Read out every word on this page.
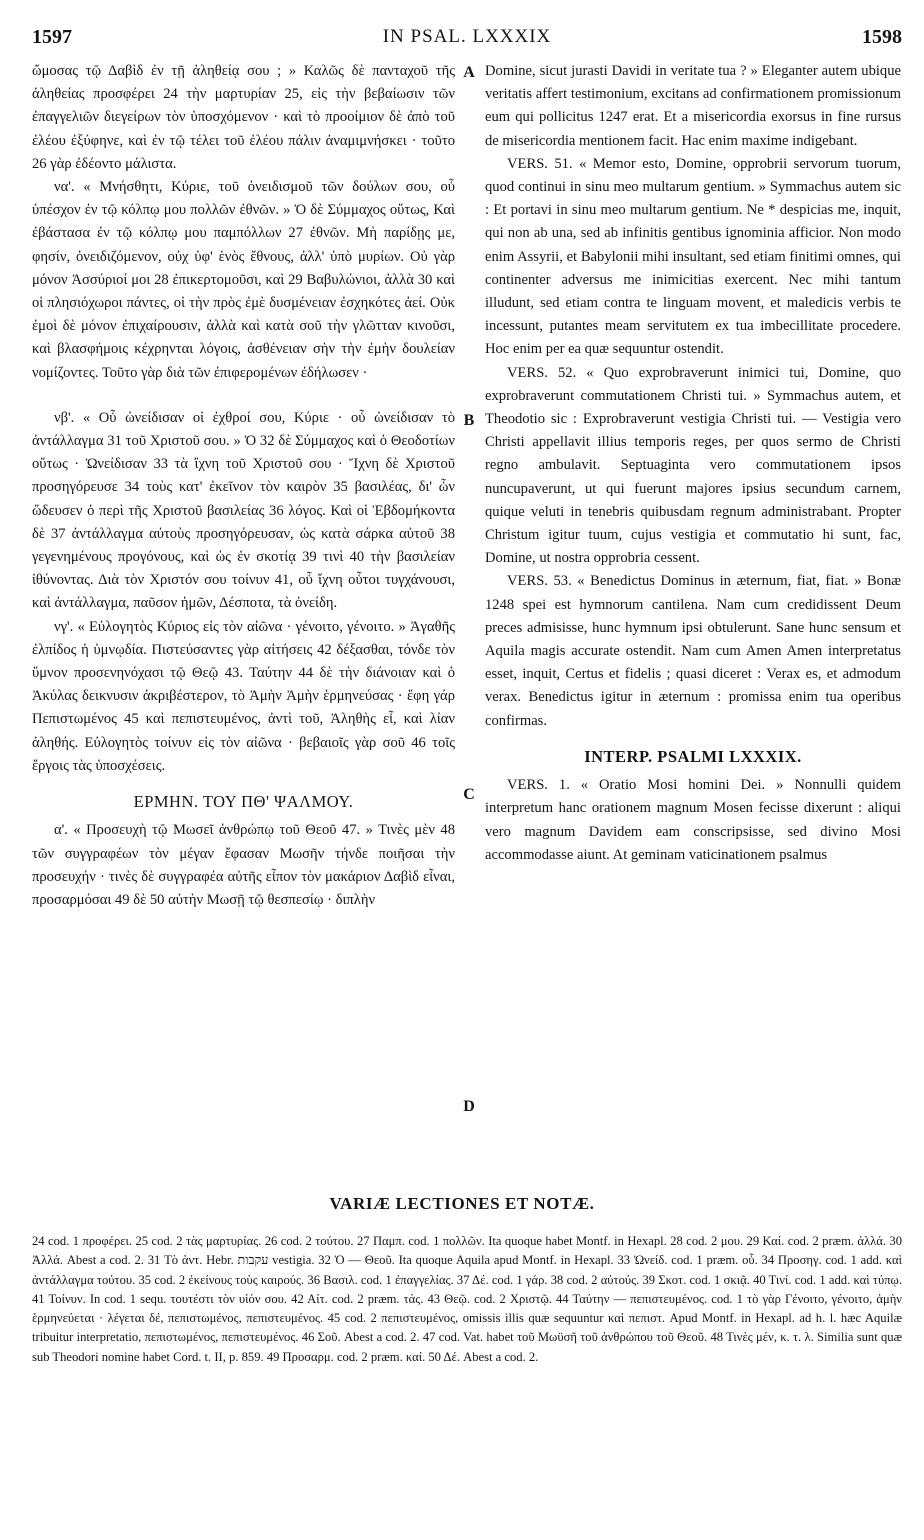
1597	IN PSAL. LXXXIX	1598

ὤμοσας τῷ Δαβὶδ ἐν τῇ ἀληθείᾳ σου ; » Καλῶς δὲ πανταχοῦ τῆς ἀληθείας προσφέρει 24 τὴν μαρτυρίαν 25, εἰς τὴν βεβαίωσιν τῶν ἐπαγγελιῶν διεγείρων τὸν ὑποσχόμενον · καὶ τὸ προοίμιον δὲ ἀπὸ τοῦ ἐλέου ἐξύφηνε, καὶ ἐν τῷ τέλει τοῦ ἐλέου πάλιν ἀναμιμνήσκει · τοῦτο 26 γὰρ ἐδέοντο μάλιστα.

να'. « Μνήσθητι, Κύριε, τοῦ ὀνειδισμοῦ τῶν δούλων σου, οὗ ὑπέσχον ἐν τῷ κόλπῳ μου πολλῶν ἐθνῶν. » Ὁ δὲ Σύμμαχος οὕτως, Καὶ ἐβάστασα ἐν τῷ κόλπῳ μου παμπόλλων 27 ἐθνῶν. Μὴ παρίδῃς με, φησίν, ὀνειδιζόμενον, οὐχ ὑφ' ἑνὸς ἔθνους, ἀλλ' ὑπὸ μυρίων. Οὐ γὰρ μόνον Ἀσσύριοί μοι 28 ἐπικερτομοῦσι, καὶ 29 Βαβυλώνιοι, ἀλλὰ 30 καὶ οἱ πλησιόχωροι πάντες, οἱ τὴν πρὸς ἐμὲ δυσμένειαν ἐσχηκότες ἀεί. Οὐκ ἐμοὶ δὲ μόνον ἐπιχαίρουσιν, ἀλλὰ καὶ κατὰ σοῦ τὴν γλῶτταν κινοῦσι, καὶ βλασφήμοις κέχρηνται λόγοις, ἀσθένειαν σὴν τὴν ἐμὴν δουλείαν νομίζοντες. Τοῦτο γὰρ διὰ τῶν ἐπιφερομένων ἐδήλωσεν ·

νβ'. « Οὗ ὠνείδισαν οἱ ἐχθροί σου, Κύριε · οὗ ὠνείδισαν τὸ ἀντάλλαγμα 31 τοῦ Χριστοῦ σου. » Ὁ 32 δὲ Σύμμαχος καὶ ὁ Θεοδοτίων οὕτως · Ὠνείδισαν 33 τὰ ἴχνη τοῦ Χριστοῦ σου · Ἴχνη δὲ Χριστοῦ προσηγόρευσε 34 τοὺς κατ' ἐκεῖνον τὸν καιρὸν 35 βασιλέας, δι' ὧν ὥδευσεν ὁ περὶ τῆς Χριστοῦ βασιλείας 36 λόγος. Καὶ οἱ Ἑβδομήκοντα δὲ 37 ἀντάλλαγμα αὐτοὺς προσηγόρευσαν, ὡς κατὰ σάρκα αὐτοῦ 38 γεγενημένους προγόνους, καὶ ὡς ἐν σκοτίᾳ 39 τινὶ 40 τὴν βασιλείαν ἰθύνοντας. Διὰ τὸν Χριστόν σου τοίνυν 41, οὗ ἴχνη οὗτοι τυγχάνουσι, καὶ ἀντάλλαγμα, παῦσον ἡμῶν, Δέσποτα, τὰ ὀνείδη.

νγ'. « Εὐλογητὸς Κύριος εἰς τὸν αἰῶνα · γένοιτο, γένοιτο. » Ἀγαθῆς ἐλπίδος ἡ ὑμνῳδία. Πιστεύσαντες γὰρ αἰτήσεις 42 δέξασθαι, τόνδε τὸν ὕμνον προσενηνόχασι τῷ Θεῷ 43. Ταύτην 44 δὲ τὴν διάνοιαν καὶ ὁ Ἀκύλας δεικνυσιν ἀκριβέστερον, τὸ Ἀμὴν Ἀμὴν ἑρμηνεύσας · ἔφη γάρ Πεπιστωμένος 45 καὶ πεπιστευμένος, ἀντὶ τοῦ, Ἀληθὴς εἶ, καὶ λίαν ἀληθής. Εὐλογητὸς τοίνυν εἰς τὸν αἰῶνα · βεβαιοῖς γὰρ σοῦ 46 τοῖς ἔργοις τὰς ὑποσχέσεις.

ΕΡΜΗΝ. ΤΟΥ ΠΘ' ΨΑΛΜΟΥ.

α'. « Προσευχὴ τῷ Μωσεῖ ἀνθρώπῳ τοῦ Θεοῦ 47. » Τινὲς μὲν 48 τῶν συγγραφέων τὸν μέγαν ἔφασαν Μωσῆν τήνδε ποιῆσαι τὴν προσευχήν · τινὲς δὲ συγγραφέα αὐτῆς εἶπον τὸν μακάριον Δαβὶδ εἶναι, προσαρμόσαι 49 δὲ 50 αὐτὴν Μωσῇ τῷ θεσπεσίῳ · διπλὴν

A
B
C
D

Domine, sicut jurasti Davidi in veritate tua ? » Eleganter autem ubique veritatis affert testimonium, excitans ad confirmationem promissionum eum qui pollicitus 1247 erat. Et a misericordia exorsus in fine rursus de misericordia mentionem facit. Hac enim maxime indigebant.

VERS. 51. « Memor esto, Domine, opprobrii servorum tuorum, quod continui in sinu meo multarum gentium. » Symmachus autem sic : Et portavi in sinu meo multarum gentium. Ne * despicias me, inquit, qui non ab una, sed ab infinitis gentibus ignominia afficior. Non modo enim Assyrii, et Babylonii mihi insultant, sed etiam finitimi omnes, qui continenter adversus me inimicitias exercent. Nec mihi tantum illudunt, sed etiam contra te linguam movent, et maledicis verbis te incessunt, putantes meam servitutem ex tua imbecillitate procedere. Hoc enim per ea quæ sequuntur ostendit.

VERS. 52. « Quo exprobraverunt inimici tui, Domine, quo exprobraverunt commutationem Christi tui. » Symmachus autem, et Theodotio sic : Exprobraverunt vestigia Christi tui. — Vestigia vero Christi appellavit illius temporis reges, per quos sermo de Christi regno ambulavit. Septuaginta vero commutationem ipsos nuncupaverunt, ut qui fuerunt majores ipsius secundum carnem, quique veluti in tenebris quibusdam regnum administrabant. Propter Christum igitur tuum, cujus vestigia et commutatio hi sunt, fac, Domine, ut nostra opprobria cessent.

VERS. 53. « Benedictus Dominus in æternum, fiat, fiat. » Bonæ 1248 spei est hymnorum cantilena. Nam cum credidissent Deum preces admisisse, hunc hymnum ipsi obtulerunt. Sane hunc sensum et Aquila magis accurate ostendit. Nam cum Amen Amen interpretatus esset, inquit, Certus et fidelis ; quasi diceret : Verax es, et admodum verax. Benedictus igitur in æternum : promissa enim tua operibus confirmas.

INTERP. PSALMI LXXXIX.

VERS. 1. « Oratio Mosi homini Dei. » Nonnulli quidem interpretum hanc orationem magnum Mosen fecisse dixerunt : aliqui vero magnum Davidem eam conscripsisse, sed divino Mosi accommodasse aiunt. At geminam vaticinationem psalmus

VARIÆ LECTIONES ET NOTÆ.

24 cod. 1 προφέρει. 25 cod. 2 τὰς μαρτυρίας. 26 cod. 2 τούτου. 27 Παμπ. cod. 1 πολλῶν. Ita quoque habet Montf. in Hexapl. 28 cod. 2 μου. 29 Καί. cod. 2 præm. ἀλλά. 30 Ἀλλά. Abest a cod. 2. 31 Τὸ ἀντ. Hebr. עקבות vestigia. 32 Ὁ — Θεοῦ. Ita quoque Aquila apud Montf. in Hexapl. 33 Ὠνείδ. cod. 1 præm. οὗ. 34 Προσηγ. cod. 1 add. καὶ ἀντάλλαγμα τούτου. 35 cod. 2 ἐκείνους τοὺς καιρούς. 36 Βασιλ. cod. 1 ἐπαγγελίας. 37 Δέ. cod. 1 γάρ. 38 cod. 2 αὐτούς. 39 Σκοτ. cod. 1 σκιᾷ. 40 Τινί. cod. 1 add. καὶ τύπῳ. 41 Τοίνυν. In cod. 1 sequ. τουτέστι τὸν υἱόν σου. 42 Αἰτ. cod. 2 præm. τάς. 43 Θεῷ. cod. 2 Χριστῷ. 44 Ταύτην — πεπιστευμένος. cod. 1 τὸ γὰρ Γένοιτο, γένοιτο, ἀμὴν ἑρμηνεύεται · λέγεται δέ, πεπιστωμένος, πεπιστευμένος. 45 cod. 2 πεπιστευμένος, omissis illis quæ sequuntur καὶ πεπιστ. Apud Montf. in Hexapl. ad h. l. hæc Aquilæ tribuitur interpretatio, πεπιστωμένος, πεπιστευμένος. 46 Σοῦ. Abest a cod. 2. 47 cod. Vat. habet τοῦ Μωϋσῆ τοῦ ἀνθρώπου τοῦ Θεοῦ. 48 Τινὲς μέν, κ. τ. λ. Similia sunt quæ sub Theodori nomine habet Cord. t. II, p. 859. 49 Προσαρμ. cod. 2 præm. καί. 50 Δέ. Abest a cod. 2.
